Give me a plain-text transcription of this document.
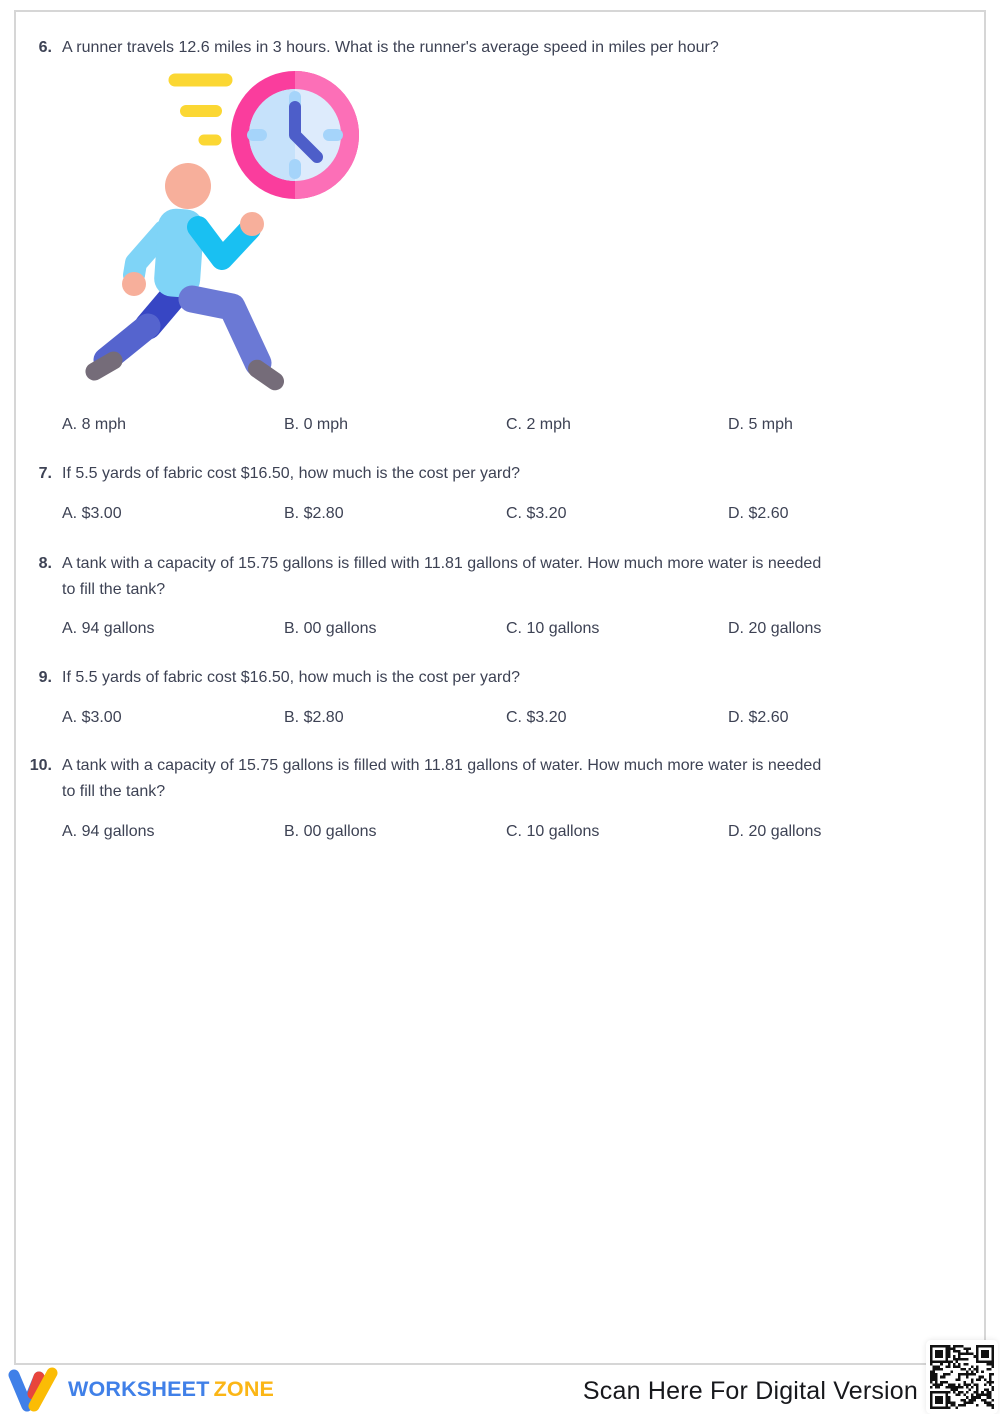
6. A runner travels 12.6 miles in 3 hours. What is the runner's average speed in miles per hour?

A. 8 mph	B. 0 mph	C. 2 mph	D. 5 mph
7. If 5.5 yards of fabric cost $16.50, how much is the cost per yard?

A. $3.00	B. $2.80	C. $3.20	D. $2.60
8. A tank with a capacity of 15.75 gallons is filled with 11.81 gallons of water. How much more water is needed

to fill the tank?

A. 94 gallons	B. 00 gallons	C. 10 gallons	D. 20 gallons
9. If 5.5 yards of fabric cost $16.50, how much is the cost per yard?

A. $3.00	B. $2.80	C. $3.20	D. $2.60
10. A tank with a capacity of 15.75 gallons is filled with 11.81 gallons of water. How much more water is needed

to fill the tank?

A. 94 gallons	B. 00 gallons	C. 10 gallons	D. 20 gallons
WORKSHEET ZONE	Scan Here For Digital Version
